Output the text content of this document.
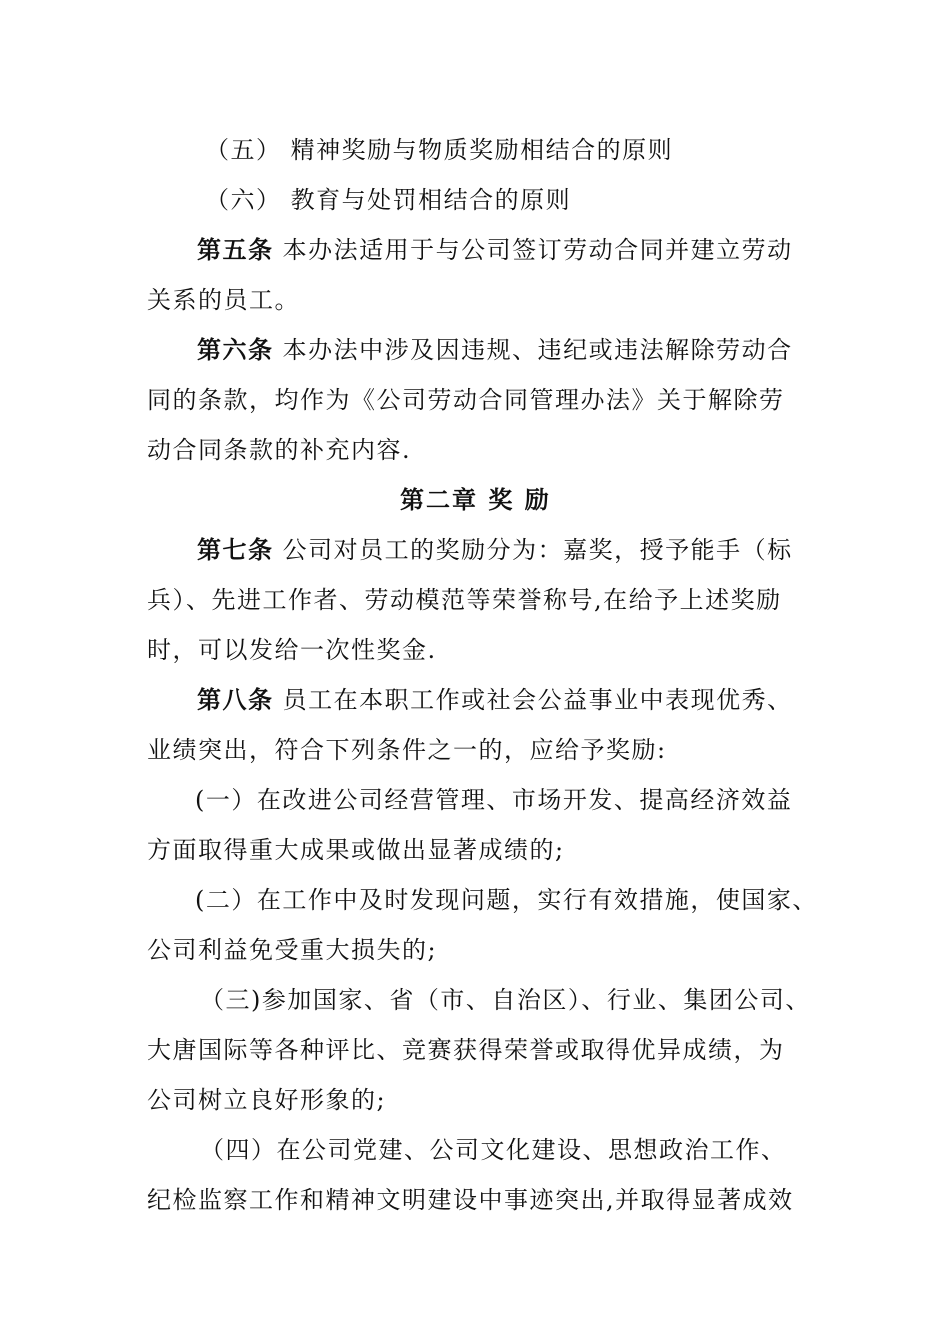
（五） 精神奖励与物质奖励相结合的原则
（六） 教育与处罚相结合的原则
第五条 本办法适用于与公司签订劳动合同并建立劳动
关系的员工。
第六条 本办法中涉及因违规、违纪或违法解除劳动合
同的条款，均作为《公司劳动合同管理办法》关于解除劳
动合同条款的补充内容.
第二章 奖 励
第七条 公司对员工的奖励分为：嘉奖，授予能手（标
兵）、先进工作者、劳动模范等荣誉称号,在给予上述奖励
时，可以发给一次性奖金.
第八条 员工在本职工作或社会公益事业中表现优秀、
业绩突出，符合下列条件之一的，应给予奖励:
(一）在改进公司经营管理、市场开发、提高经济效益
方面取得重大成果或做出显著成绩的;
(二）在工作中及时发现问题，实行有效措施，使国家、
公司利益免受重大损失的;
（三)参加国家、省（市、自治区）、行业、集团公司、
大唐国际等各种评比、竞赛获得荣誉或取得优异成绩，为
公司树立良好形象的;
（四）在公司党建、公司文化建设、思想政治工作、
纪检监察工作和精神文明建设中事迹突出,并取得显著成效
